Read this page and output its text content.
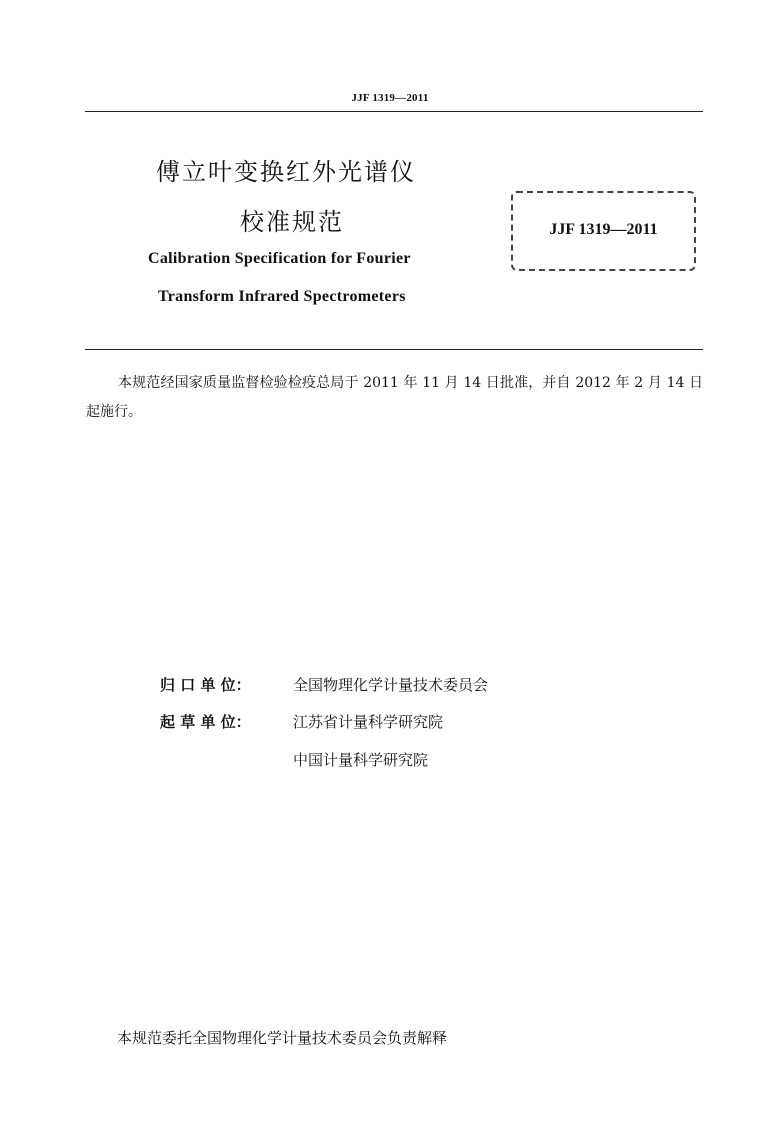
JJF 1319—2011
傅立叶变换红外光谱仪
校准规范
Calibration Specification for Fourier
Transform Infrared Spectrometers
JJF 1319—2011
本规范经国家质量监督检验检疫总局于 2011 年 11 月 14 日批准，并自 2012 年 2 月 14 日起施行。
归 口 单 位：	全国物理化学计量技术委员会
起 草 单 位：	江苏省计量科学研究院
中国计量科学研究院
本规范委托全国物理化学计量技术委员会负责解释
